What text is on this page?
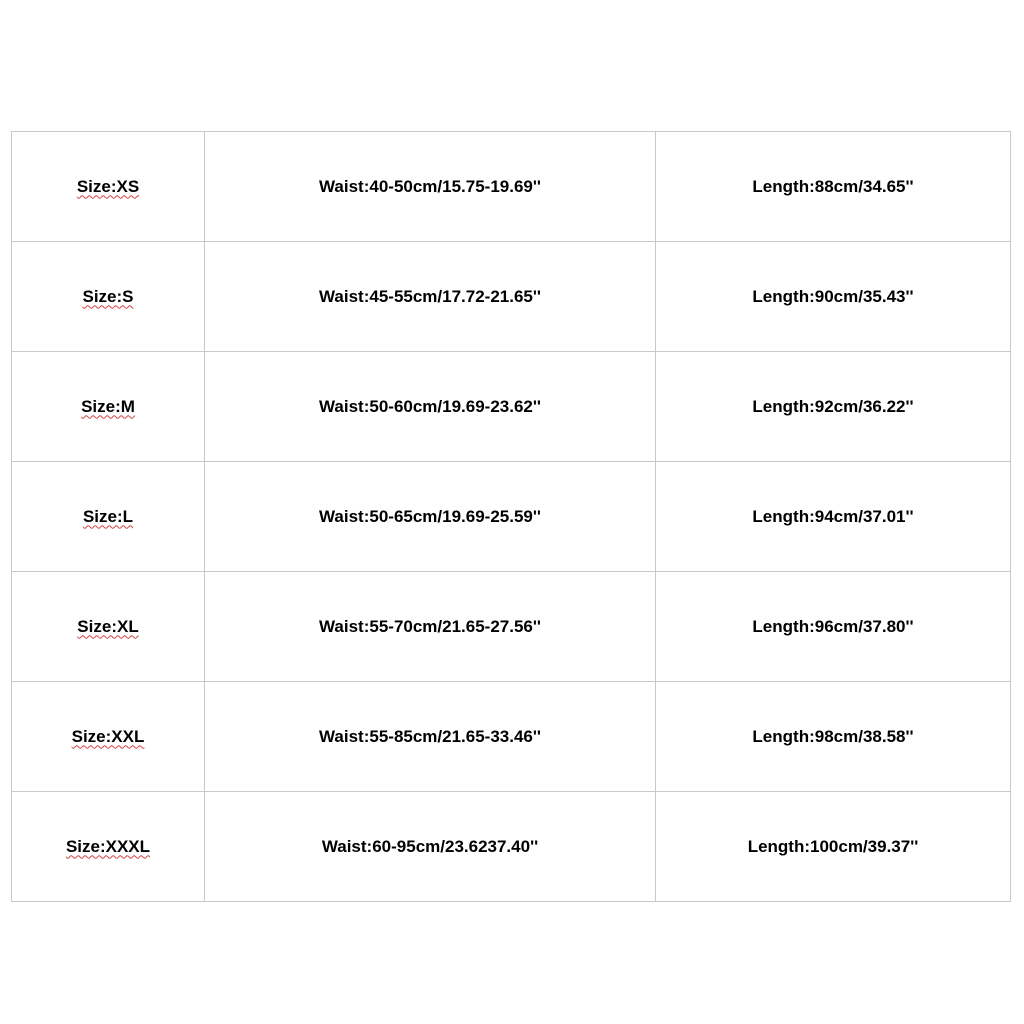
Size:XS	Waist:40-50cm/15.75-19.69''	Length:88cm/34.65''
Size:S	Waist:45-55cm/17.72-21.65''	Length:90cm/35.43''
Size:M	Waist:50-60cm/19.69-23.62''	Length:92cm/36.22''
Size:L	Waist:50-65cm/19.69-25.59''	Length:94cm/37.01''
Size:XL	Waist:55-70cm/21.65-27.56''	Length:96cm/37.80''
Size:XXL	Waist:55-85cm/21.65-33.46''	Length:98cm/38.58''
Size:XXXL	Waist:60-95cm/23.6237.40''	Length:100cm/39.37''
